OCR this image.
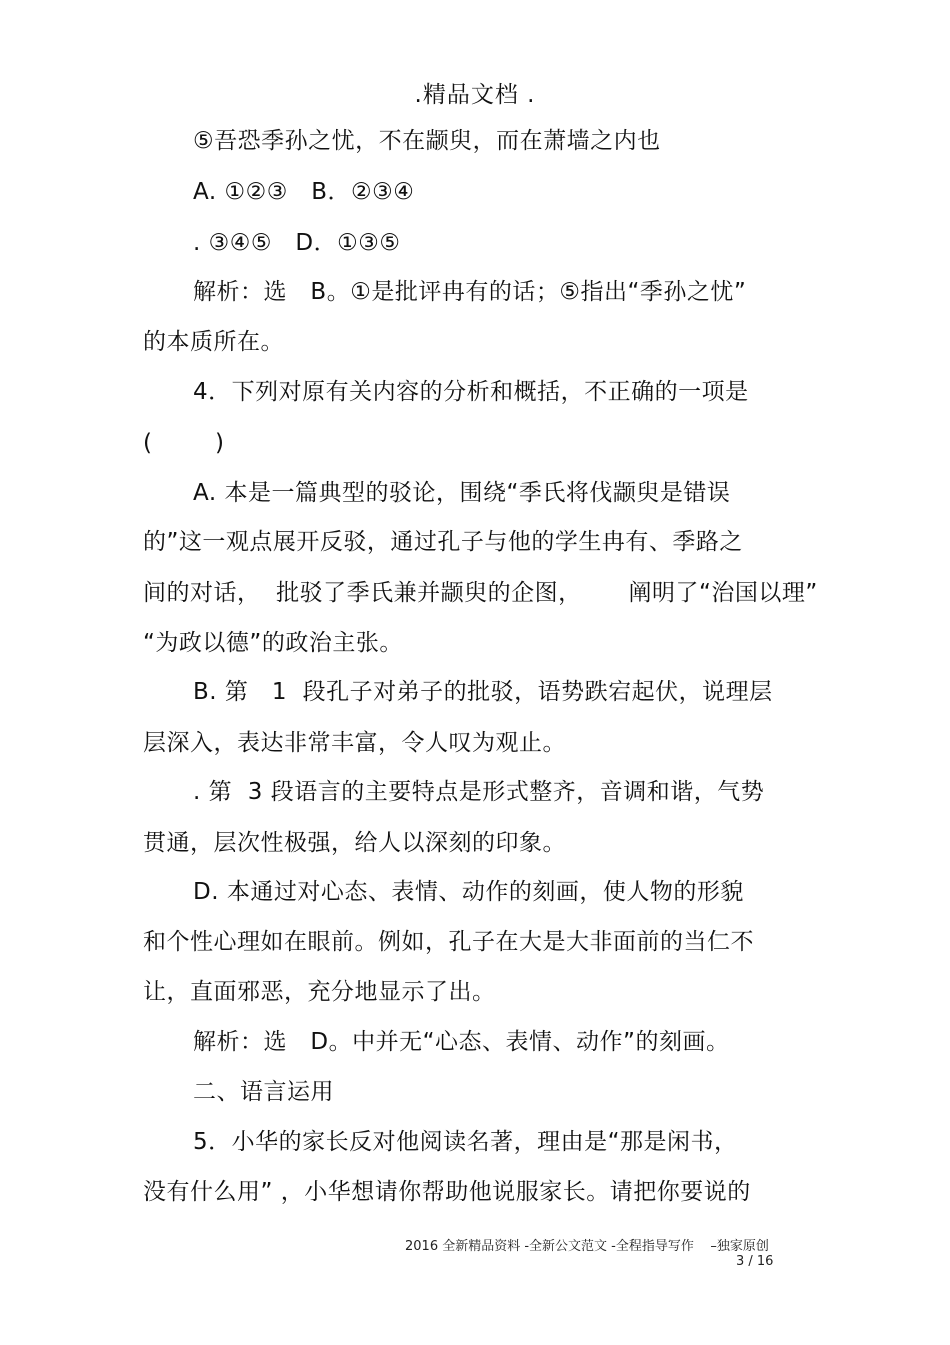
.精品文档 .
⑤吾恐季孙之忧，不在颛臾，而在萧墙之内也
A. ①②③   B．②③④
. ③④⑤   D．①③⑤
解析：选   B。①是批评冉有的话；⑤指出“季孙之忧”
的本质所在。
4．下列对原有关内容的分析和概括，不正确的一项是
(        )
A. 本是一篇典型的驳论，围绕“季氏将伐颛臾是错误
的”这一观点展开反驳，通过孔子与他的学生冉有、季路之
间的对话，  批驳了季氏兼并颛臾的企图，      阐明了“治国以理”
“为政以德”的政治主张。
B. 第   1  段孔子对弟子的批驳，语势跌宕起伏，说理层
层深入，表达非常丰富，令人叹为观止。
. 第  3 段语言的主要特点是形式整齐，音调和谐，气势
贯通，层次性极强，给人以深刻的印象。
D. 本通过对心态、表情、动作的刻画，使人物的形貌
和个性心理如在眼前。例如，孔子在大是大非面前的当仁不
让，直面邪恶，充分地显示了出。
解析：选   D。中并无“心态、表情、动作”的刻画。
二、语言运用
5．小华的家长反对他阅读名著，理由是“那是闲书，
没有什么用” ，小华想请你帮助他说服家长。请把你要说的
2016 全新精品资料 -全新公文范文 -全程指导写作    –独家原创
3 / 16
